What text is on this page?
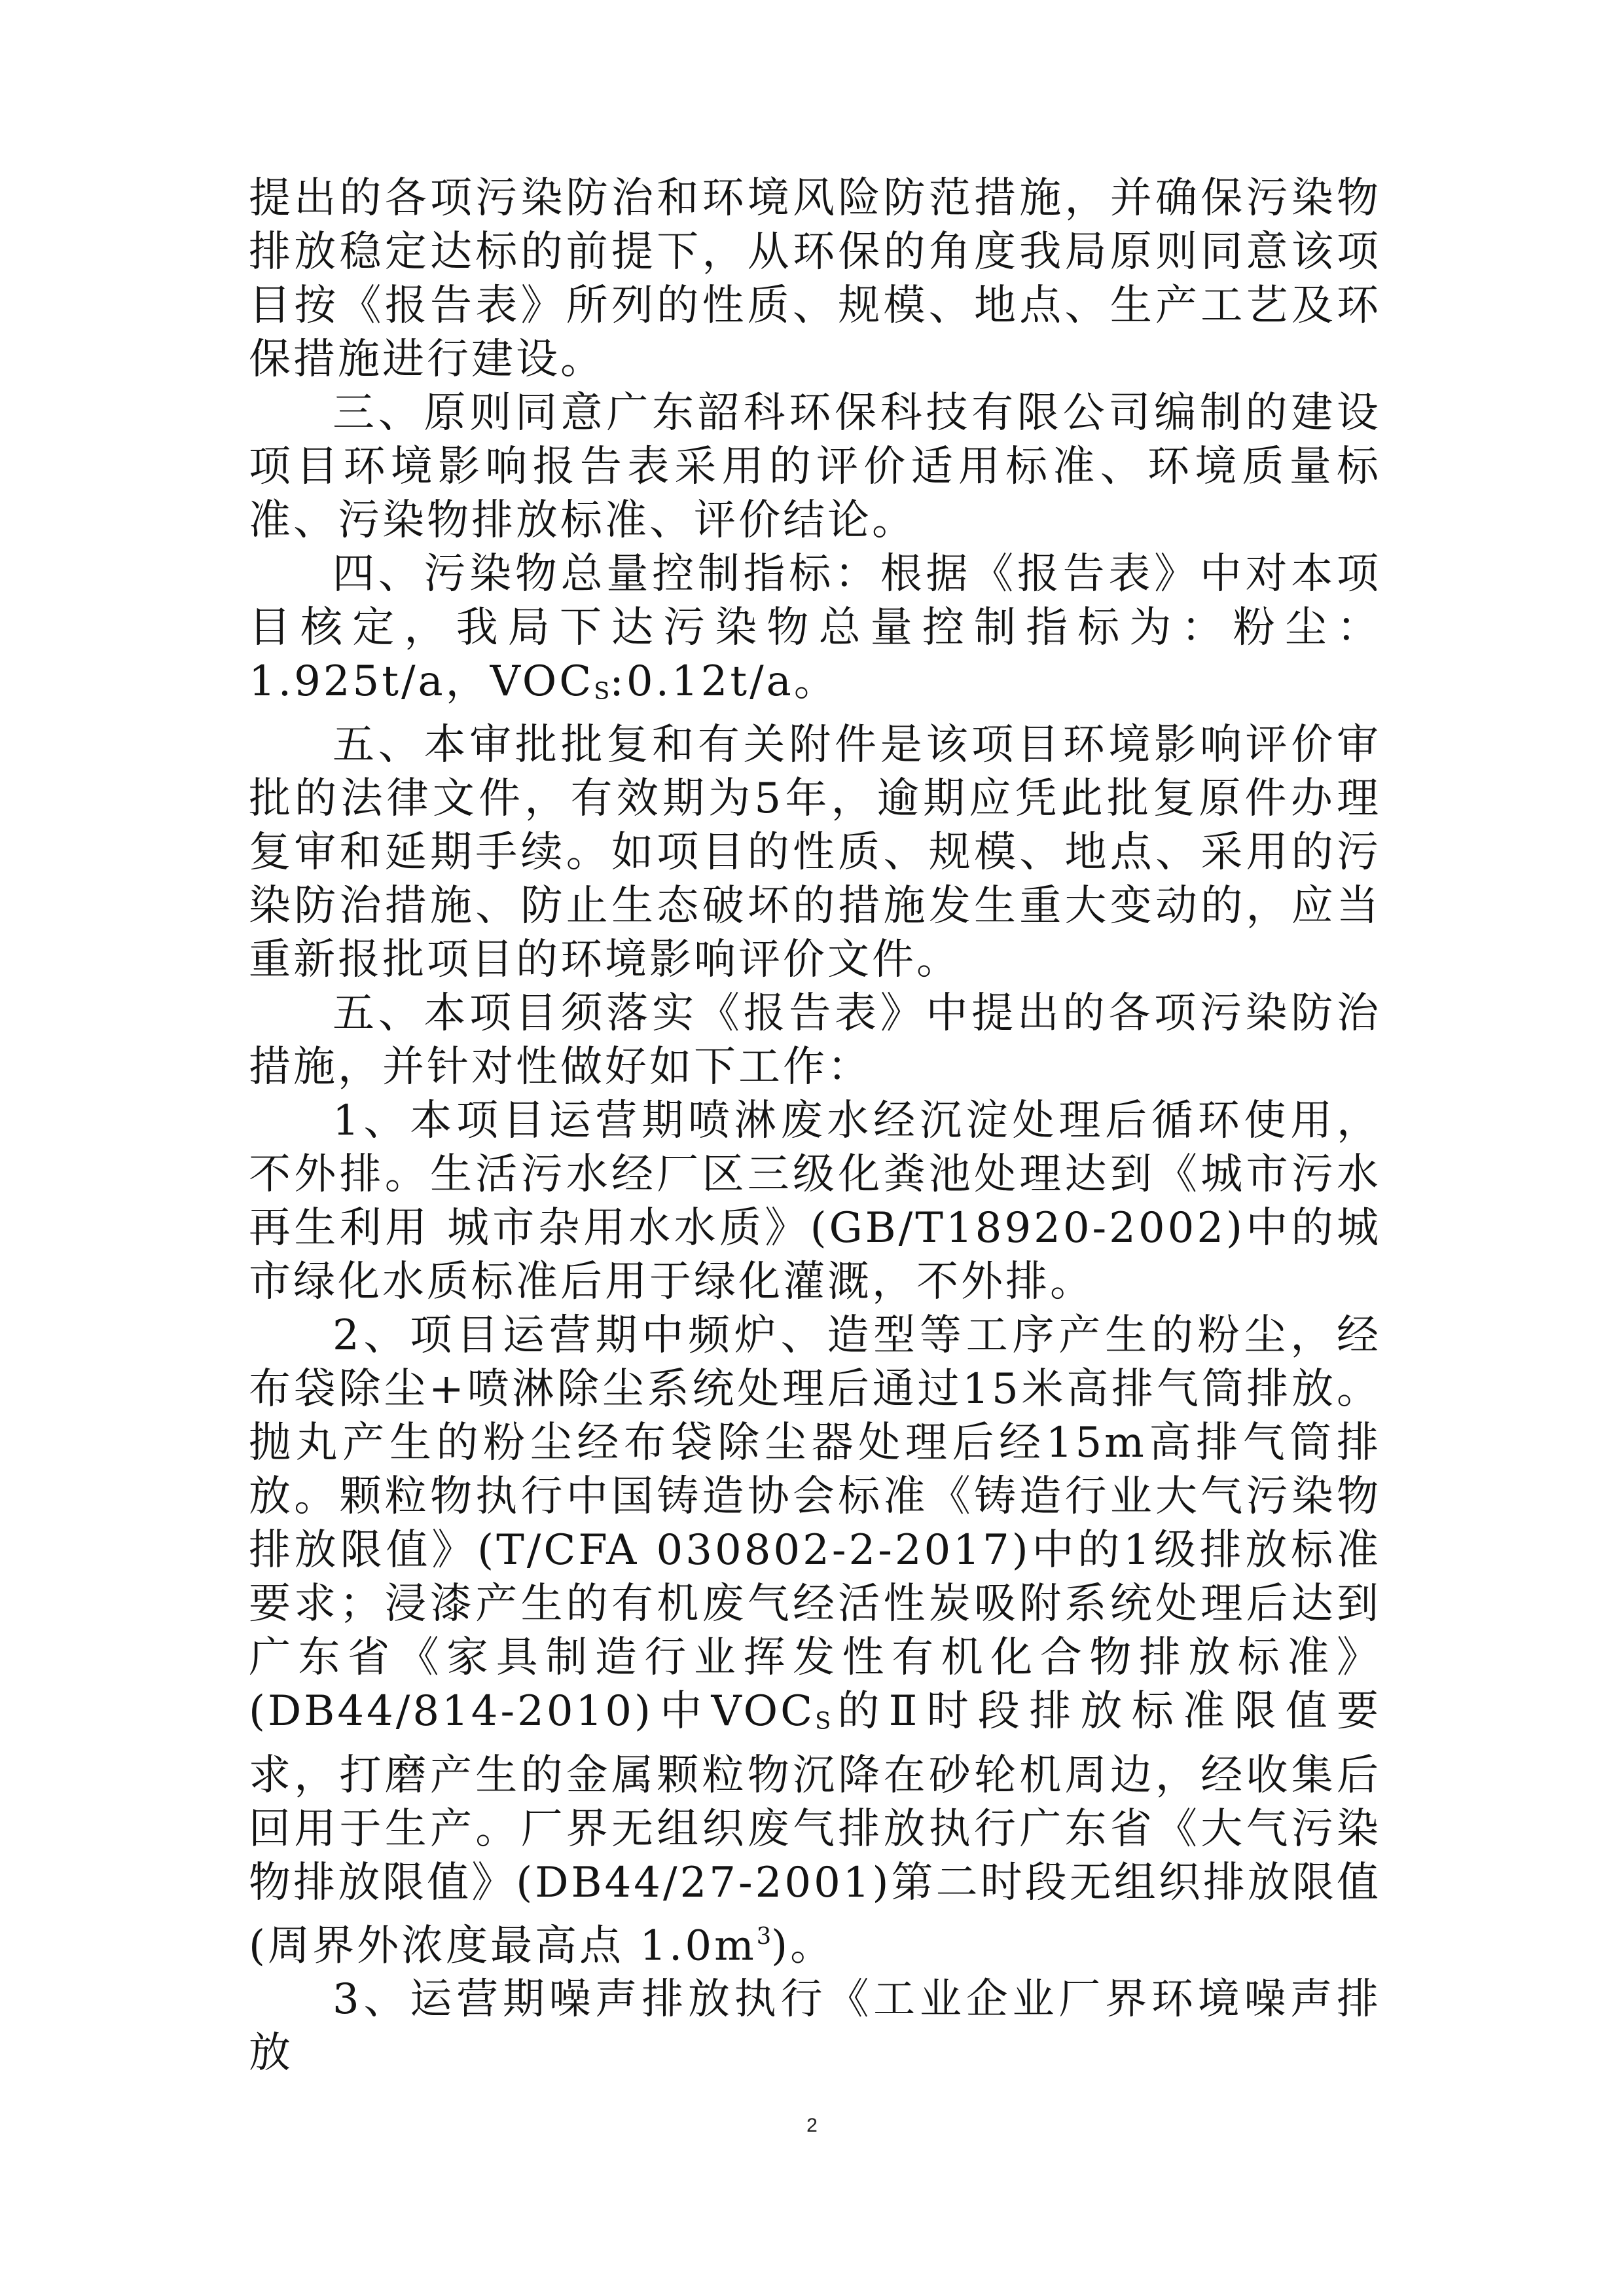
提出的各项污染防治和环境风险防范措施，并确保污染物排放稳定达标的前提下，从环保的角度我局原则同意该项目按《报告表》所列的性质、规模、地点、生产工艺及环保措施进行建设。

三、原则同意广东韶科环保科技有限公司编制的建设项目环境影响报告表采用的评价适用标准、环境质量标准、污染物排放标准、评价结论。

四、污染物总量控制指标：根据《报告表》中对本项目核定，我局下达污染物总量控制指标为：粉尘：1.925t/a，$VOC_S:0.12t/a$。

五、本审批批复和有关附件是该项目环境影响评价审批的法律文件，有效期为5年，逾期应凭此批复原件办理复审和延期手续。如项目的性质、规模、地点、采用的污染防治措施、防止生态破坏的措施发生重大变动的，应当重新报批项目的环境影响评价文件。

五、本项目须落实《报告表》中提出的各项污染防治措施，并针对性做好如下工作：

1、本项目运营期喷淋废水经沉淀处理后循环使用，不外排。生活污水经厂区三级化粪池处理达到《城市污水再生利用 城市杂用水水质》(GB/T18920-2002)中的城市绿化水质标准后用于绿化灌溉，不外排。

2、项目运营期中频炉、造型等工序产生的粉尘，经布袋除尘+喷淋除尘系统处理后通过15米高排气筒排放。抛丸产生的粉尘经布袋除尘器处理后经15m高排气筒排放。颗粒物执行中国铸造协会标准《铸造行业大气污染物排放限值》(T/CFA 030802-2-2017)中的1级排放标准要求；浸漆产生的有机废气经活性炭吸附系统处理后达到广东省《家具制造行业挥发性有机化合物排放标准》(DB44/814-2010)中$VOC_S$的Ⅱ时段排放标准限值要求，打磨产生的金属颗粒物沉降在砂轮机周边，经收集后回用于生产。厂界无组织废气排放执行广东省《大气污染物排放限值》(DB44/27-2001)第二时段无组织排放限值(周界外浓度最高点 $1.0m^3$)。

3、运营期噪声排放执行《工业企业厂界环境噪声排放

2
